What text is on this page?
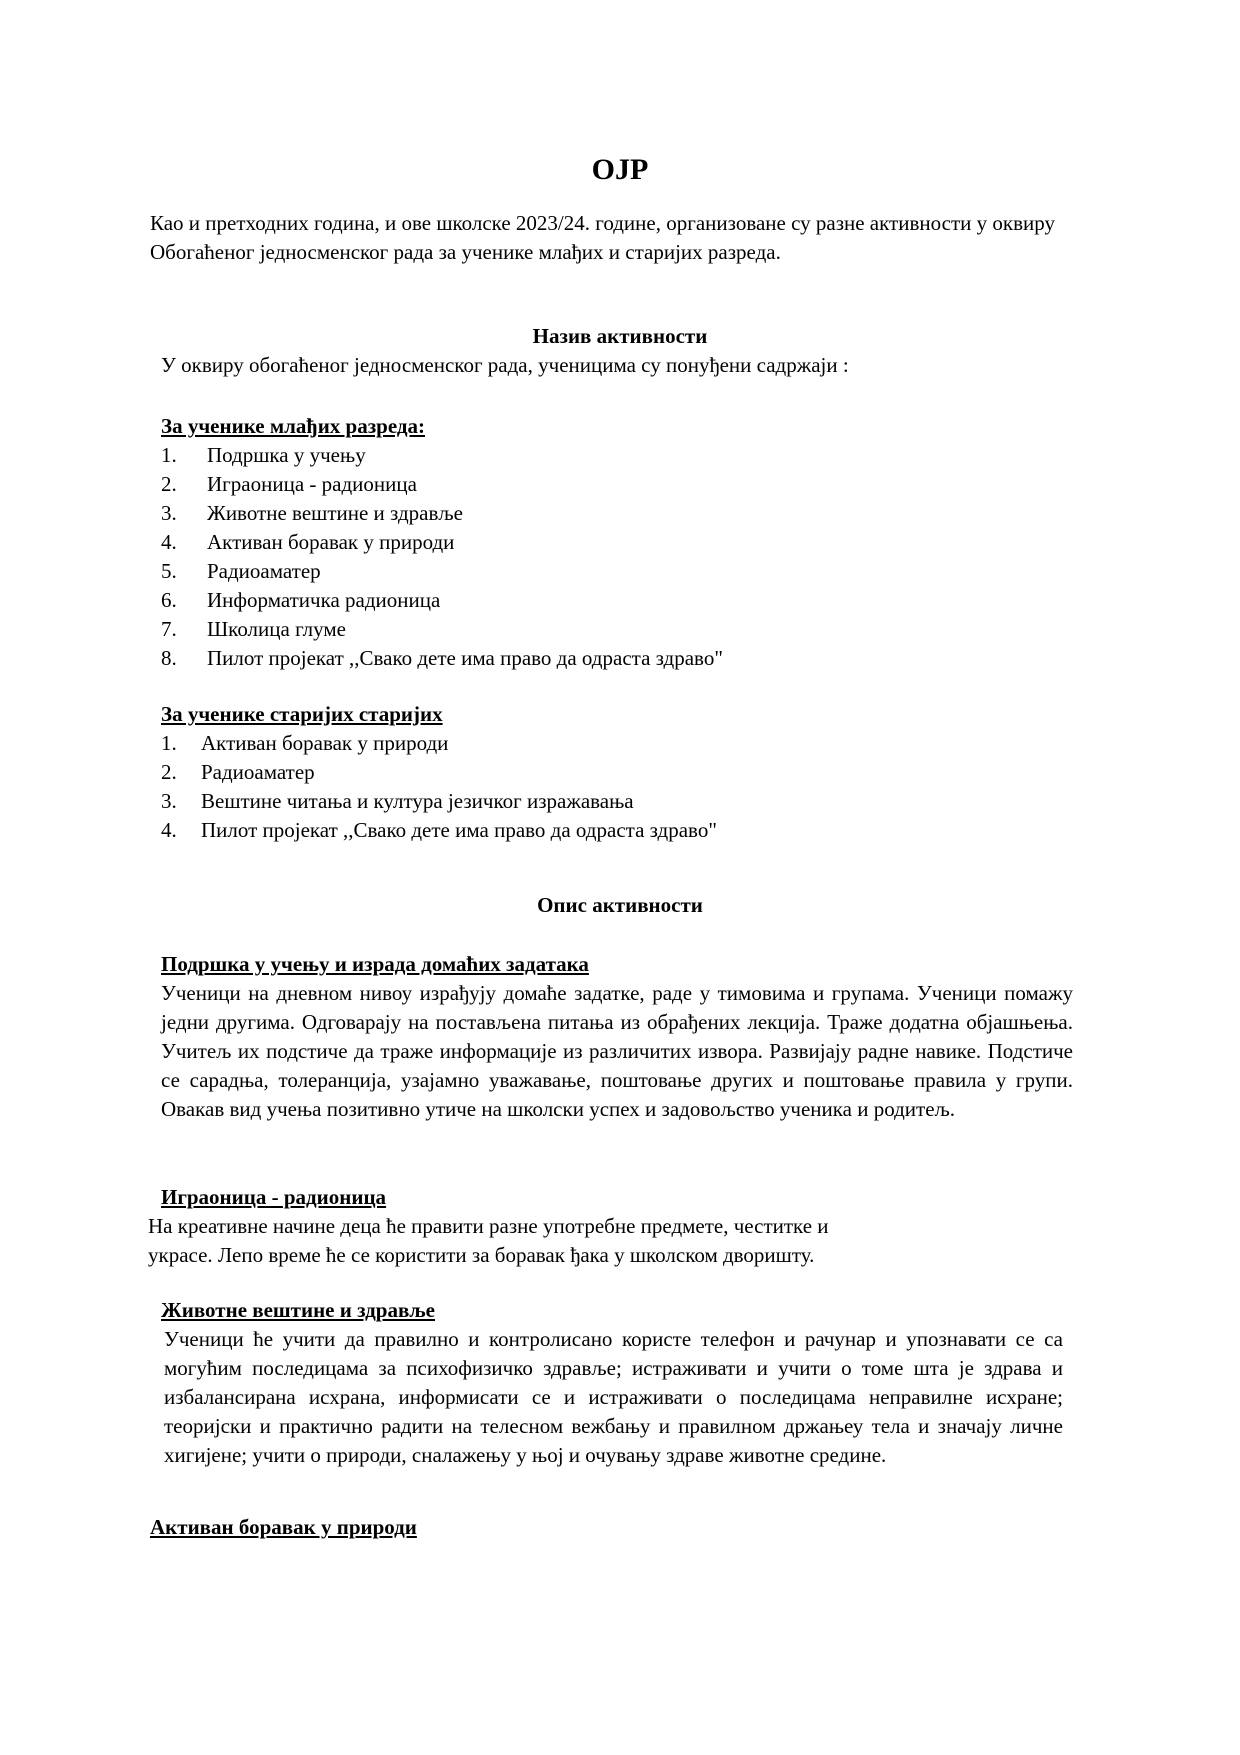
ОЈР

Као и претходних година, и ове школске 2023/24. године, организоване су разне активности у оквиру Обогаћеног једносменског рада за ученике млађих и старијих разреда.

Назив активности
У оквиру обогаћеног једносменског рада, ученицима су понуђени садржаји :

За ученике млађих разреда:

1.	Подршка у учењу
2.	Играоница - радионица
3.	Животне вештине и здравље
4.	Активан боравак у природи
5.	Радиоаматер
6.	Информатичка радионица
7.	Школица глуме
8.	Пилот пројекат ,,Свако дете има право да одраста здраво"

За ученике старијих старијих

1.	Активан боравак у природи
2.	Радиоаматер
3.	Вештине читања и култура језичког изражавања
4.	Пилот пројекат ,,Свако дете има право да одраста здраво"
Опис активности

Подршка у учењу и израда домаћих задатака

Ученици на дневном нивоу израђују домаће задатке, раде у тимовима и групама. Ученици помажу једни другима. Одговарају на постављена питања из обрађених лекција. Траже додатна објашњења. Учитељ их подстиче да траже информације из различитих извора. Развијају радне навике. Подстиче се сарадња, толеранција, узајамно уважавање, поштовање других и поштовање правила у групи. Овакав вид учења позитивно утиче на школски успех и задовољство ученика и родитељ.

Играоница - радионица

На креативне начине деца ће правити разне употребне предмете, честитке и

украсе. Лепо време ће се користити за боравак ђака у школском дворишту.

Животне вештине и здравље

Ученици ће учити да правилно и контролисано користе телефон и рачунар и упознавати се са могућим последицама за психофизичко здравље; истраживати и учити о томе шта је здрава и избалансирана исхрана, информисати се и истраживати о последицама неправилне исхране; теоријски и практично радити на телесном вежбању и правилном држањеу тела и значају личне хигијене; учити о природи, сналажењу у њој и очувању здраве животне средине.

Активан боравак у природи
